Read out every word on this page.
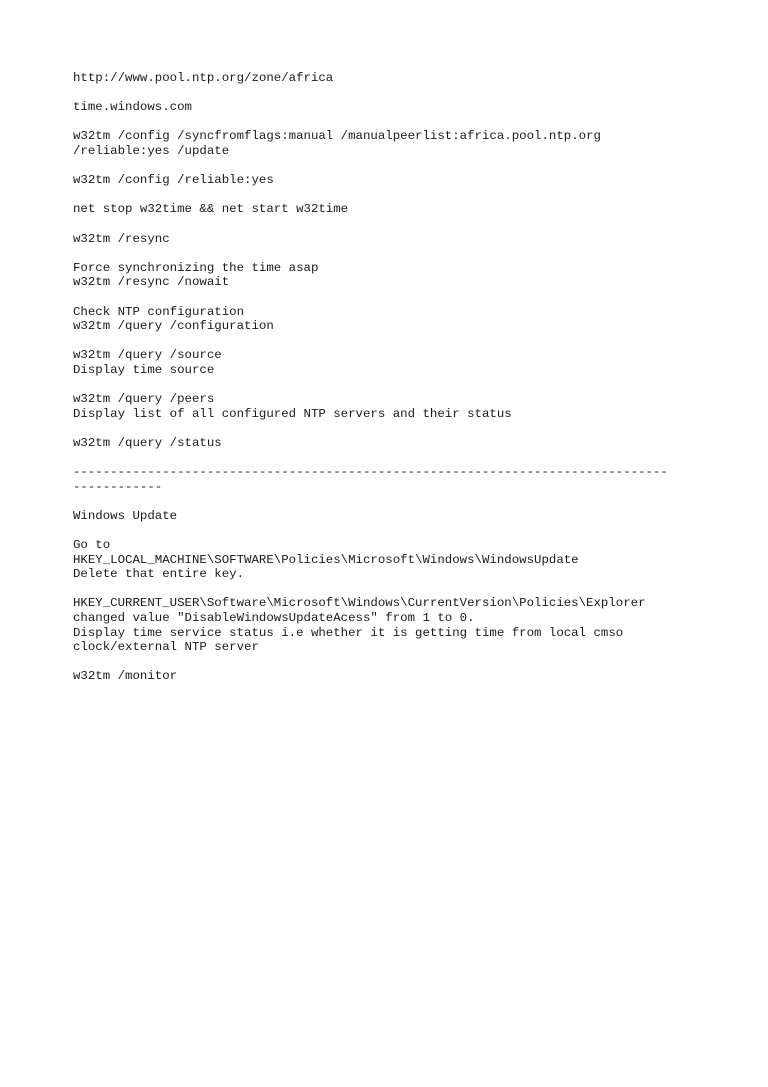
http://www.pool.ntp.org/zone/africa
time.windows.com
w32tm /config /syncfromflags:manual /manualpeerlist:africa.pool.ntp.org
/reliable:yes /update
w32tm /config /reliable:yes
net stop w32time && net start w32time
w32tm /resync
Force synchronizing the time asap
w32tm /resync /nowait
Check NTP configuration
w32tm /query /configuration
w32tm /query /source
Display time source
w32tm /query /peers
Display list of all configured NTP servers and their status
w32tm /query /status
--------------------------------------------------------------------------------
------------
Windows Update
Go to
HKEY_LOCAL_MACHINE\SOFTWARE\Policies\Microsoft\Windows\WindowsUpdate
Delete that entire key.
HKEY_CURRENT_USER\Software\Microsoft\Windows\CurrentVersion\Policies\Explorer
changed value "DisableWindowsUpdateAcess" from 1 to 0.
Display time service status i.e whether it is getting time from local cmso
clock/external NTP server
w32tm /monitor
